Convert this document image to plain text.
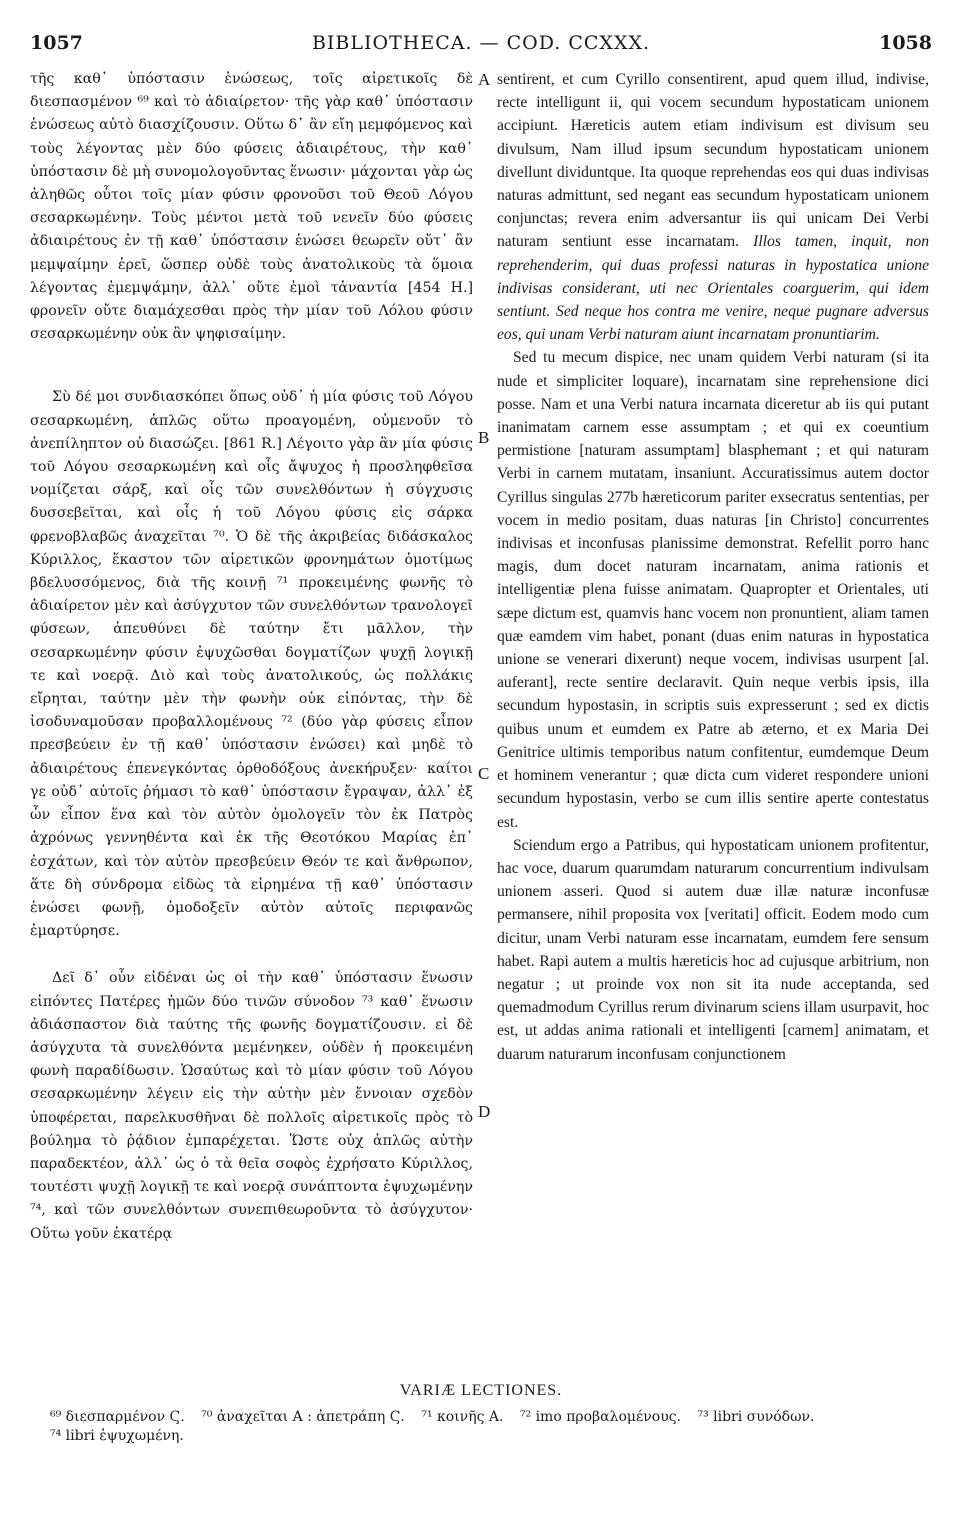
1057	BIBLIOTHECA. — COD. CCXXX.	1058

τῆς καθ᾽ ὑπόστασιν ἑνώσεως, τοῖς αἱρετικοῖς δὲ διεσπασμένον ⁶⁹ καὶ τὸ ἀδιαίρετον· τῆς γὰρ καθ᾽ ὑπόστασιν ἑνώσεως αὐτὸ διασχίζουσιν. Οὕτω δ᾽ ἂν εἴη μεμφόμενος καὶ τοὺς λέγοντας μὲν δύο φύσεις ἀδιαιρέτους, τὴν καθ᾽ ὑπόστασιν δὲ μὴ συνομολογοῦντας ἕνωσιν· μάχονται γὰρ ὡς ἀληθῶς οὗτοι τοῖς μίαν φύσιν φρονοῦσι τοῦ Θεοῦ Λόγου σεσαρκωμένην. Τοὺς μέντοι μετὰ τοῦ νενεῖν δύο φύσεις ἀδιαιρέτους ἐν τῇ καθ᾽ ὑπόστασιν ἑνώσει θεωρεῖν οὔτ᾽ ἂν μεμψαίμην ἐρεῖ, ὥσπερ οὐδὲ τοὺς ἀνατολικοὺς τὰ ὅμοια λέγοντας ἐμεμψάμην, ἀλλ᾽ οὔτε ἐμοὶ τἀναντία [454 H.] φρονεῖν οὔτε διαμάχεσθαι πρὸς τὴν μίαν τοῦ Λόλου φύσιν σεσαρκωμένην οὐκ ἂν ψηφισαίμην.

Σὺ δέ μοι συνδιασκόπει ὅπως οὐδ᾽ ἡ μία φύσις τοῦ Λόγου σεσαρκωμένη, ἁπλῶς οὕτω προαγομένη, οὐμενοῦν τὸ ἀνεπίληπτον οὐ διασώζει. [861 R.] Λέγοιτο γὰρ ἂν μία φύσις τοῦ Λόγου σεσαρκωμένη καὶ οἷς ἄψυχος ἡ προσληφθεῖσα νομίζεται σάρξ, καὶ οἷς τῶν συνελθόντων ἡ σύγχυσις δυσσεβεῖται, καὶ οἷς ἡ τοῦ Λόγου φύσις εἰς σάρκα φρενοβλαβῶς ἀναχεῖται ⁷⁰. Ὁ δὲ τῆς ἀκριβείας διδάσκαλος Κύριλλος, ἕκαστον τῶν αἱρετικῶν φρονημάτων ὁμοτίμως βδελυσσόμενος, διὰ τῆς κοινῇ ⁷¹ προκειμένης φωνῆς τὸ ἀδιαίρετον μὲν καὶ ἀσύγχυτον τῶν συνελθόντων τρανολογεῖ φύσεων, ἀπευθύνει δὲ ταύτην ἔτι μᾶλλον, τὴν σεσαρκωμένην φύσιν ἐψυχῶσθαι δογματίζων ψυχῇ λογικῇ τε καὶ νοερᾷ. Διὸ καὶ τοὺς ἀνατολικούς, ὡς πολλάκις εἴρηται, ταύτην μὲν τὴν φωνὴν οὐκ εἰπόντας, τὴν δὲ ἰσοδυναμοῦσαν προβαλλομένους ⁷² (δύο γὰρ φύσεις εἶπον πρεσβεύειν ἐν τῇ καθ᾽ ὑπόστασιν ἑνώσει) καὶ μηδὲ τὸ ἀδιαιρέτους ἐπενεγκόντας ὀρθοδόξους ἀνεκήρυξεν· καίτοι γε οὐδ᾽ αὐτοῖς ῥήμασι τὸ καθ᾽ ὑπόστασιν ἔγραψαν, ἀλλ᾽ ἐξ ὧν εἶπον ἕνα καὶ τὸν αὐτὸν ὁμολογεῖν τὸν ἐκ Πατρὸς ἀχρόνως γεννηθέντα καὶ ἐκ τῆς Θεοτόκου Μαρίας ἐπ᾽ ἐσχάτων, καὶ τὸν αὐτὸν πρεσβεύειν Θεόν τε καὶ ἄνθρωπον, ἅτε δὴ σύνδρομα εἰδὼς τὰ εἰρημένα τῇ καθ᾽ ὑπόστασιν ἑνώσει φωνῇ, ὁμοδοξεῖν αὐτὸν αὐτοῖς περιφανῶς ἐμαρτύρησε.

Δεῖ δ᾽ οὖν εἰδέναι ὡς οἱ τὴν καθ᾽ ὑπόστασιν ἕνωσιν εἰπόντες Πατέρες ἡμῶν δύο τινῶν σύνοδον ⁷³ καθ᾽ ἕνωσιν ἀδιάσπαστον διὰ ταύτης τῆς φωνῆς δογματίζουσιν. εἰ δὲ ἀσύγχυτα τὰ συνελθόντα μεμένηκεν, οὐδὲν ἡ προκειμένη φωνὴ παραδίδωσιν. Ὡσαύτως καὶ τὸ μίαν φύσιν τοῦ Λόγου σεσαρκωμένην λέγειν εἰς τὴν αὐτὴν μὲν ἔννοιαν σχεδὸν ὑποφέρεται, παρελκυσθῆναι δὲ πολλοῖς αἱρετικοῖς πρὸς τὸ βούλημα τὸ ῥᾴδιον ἐμπαρέχεται. Ὥστε οὐχ ἁπλῶς αὐτὴν παραδεκτέον, ἀλλ᾽ ὡς ὁ τὰ θεῖα σοφὸς ἐχρήσατο Κύριλλος, τουτέστι ψυχῇ λογικῇ τε καὶ νοερᾷ συνάπτοντα ἐψυχωμένην ⁷⁴, καὶ τῶν συνελθόντων συνεπιθεωροῦντα τὸ ἀσύγχυτον· Οὕτω γοῦν ἑκατέρᾳ

A
B
C
D

sentirent, et cum Cyrillo consentirent, apud quem illud, indivise, recte intelligunt ii, qui vocem secundum hypostaticam unionem accipiunt. Hæreticis autem etiam indivisum est divisum seu divulsum, Nam illud ipsum secundum hypostaticam unionem divellunt dividuntque. Ita quoque reprehendas eos qui duas indivisas naturas admittunt, sed negant eas secundum hypostaticam unionem conjunctas; revera enim adversantur iis qui unicam Dei Verbi naturam sentiunt esse incarnatam. Illos tamen, inquit, non reprehenderim, qui duas professi naturas in hypostatica unione indivisas considerant, uti nec Orientales coarguerim, qui idem sentiunt. Sed neque hos contra me venire, neque pugnare adversus eos, qui unam Verbi naturam aiunt incarnatam pronuntiarim.

Sed tu mecum dispice, nec unam quidem Verbi naturam (si ita nude et simpliciter loquare), incarnatam sine reprehensione dici posse. Nam et una Verbi natura incarnata diceretur ab iis qui putant inanimatam carnem esse assumptam ; et qui ex coeuntium permistione [naturam assumptam] blasphemant ; et qui naturam Verbi in carnem mutatam, insaniunt. Accuratissimus autem doctor Cyrillus singulas 277b hæreticorum pariter exsecratus sententias, per vocem in medio positam, duas naturas [in Christo] concurrentes indivisas et inconfusas planissime demonstrat. Refellit porro hanc magis, dum docet naturam incarnatam, anima rationis et intelligentiæ plena fuisse animatam. Quapropter et Orientales, uti sæpe dictum est, quamvis hanc vocem non pronuntient, aliam tamen quæ eamdem vim habet, ponant (duas enim naturas in hypostatica unione se venerari dixerunt) neque vocem, indivisas usurpent [al. auferant], recte sentire declaravit. Quin neque verbis ipsis, illa secundum hypostasin, in scriptis suis expresserunt ; sed ex dictis quibus unum et eumdem ex Patre ab æterno, et ex Maria Dei Genitrice ultimis temporibus natum confitentur, eumdemque Deum et hominem venerantur ; quæ dicta cum videret respondere unioni secundum hypostasin, verbo se cum illis sentire aperte contestatus est.

Sciendum ergo a Patribus, qui hypostaticam unionem profitentur, hac voce, duarum quarumdam naturarum concurrentium indivulsam unionem asseri. Quod si autem duæ illæ naturæ inconfusæ permansere, nihil proposita vox [veritati] officit. Eodem modo cum dicitur, unam Verbi naturam esse incarnatam, eumdem fere sensum habet. Rapi autem a multis hæreticis hoc ad cujusque arbitrium, non negatur ; ut proinde vox non sit ita nude acceptanda, sed quemadmodum Cyrillus rerum divinarum sciens illam usurpavit, hoc est, ut addas anima rationali et intelligenti [carnem] animatam, et duarum naturarum inconfusam conjunctionem

VARIÆ LECTIONES.
⁶⁹ διεσπαρμένον Ϛ. ⁷⁰ ἀναχεῖται A : ἀπετράπη Ϛ. ⁷¹ κοινῆς A. ⁷² imo προβαλομένους. ⁷³ libri συνόδων.
⁷⁴ libri ἐψυχωμένη.
